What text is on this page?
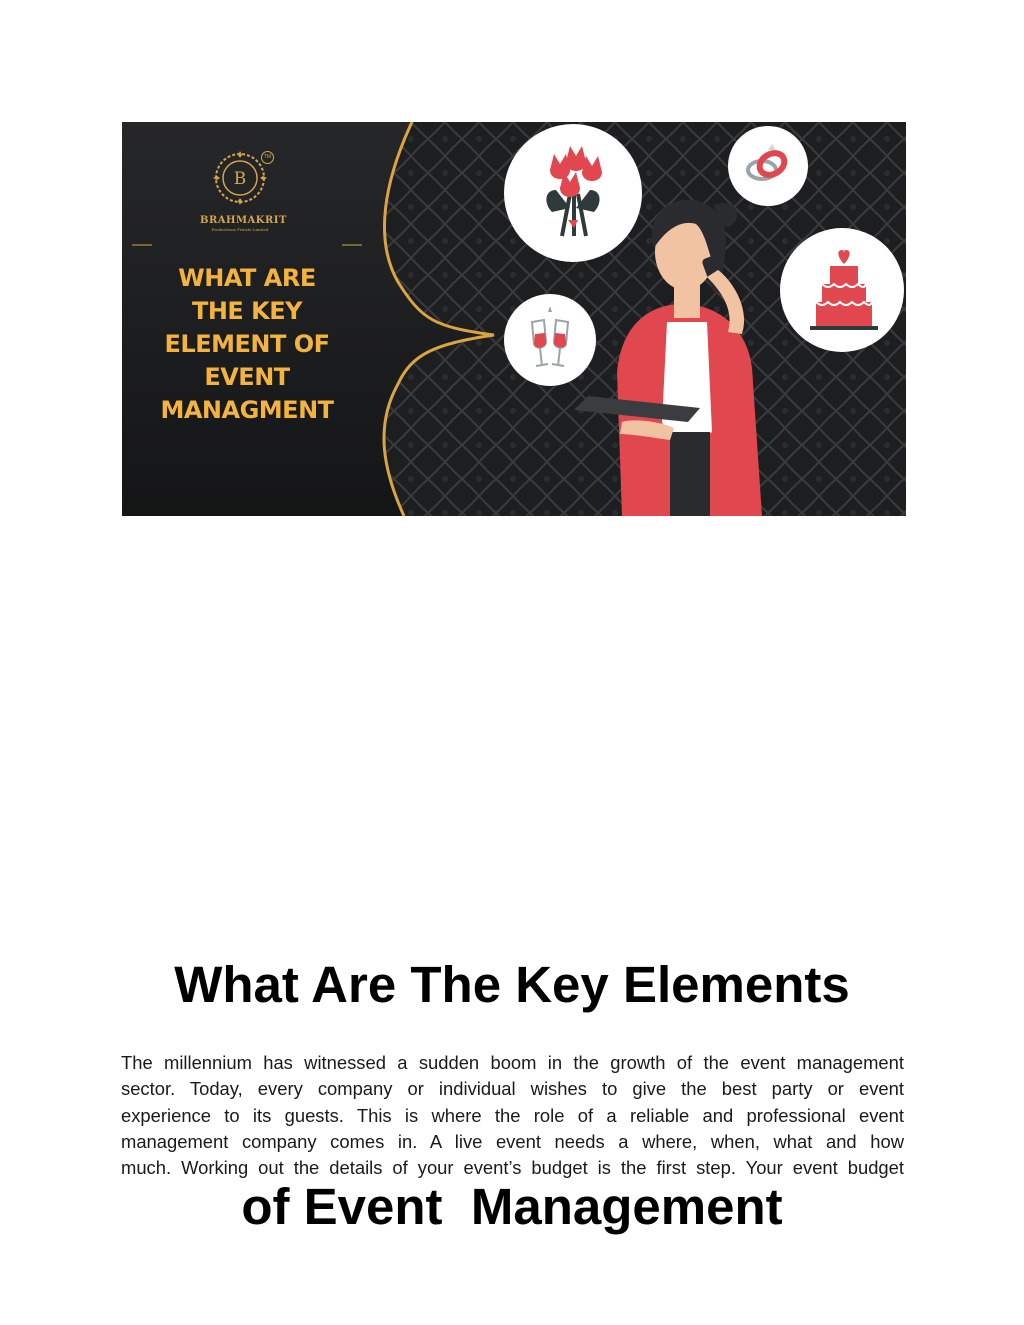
B
BRAHMAKRIT
Productions Private Limited
TM
WHAT ARE
THE KEY
ELEMENT OF
EVENT
MANAGMENT

What Are The Key Elements

of Event  Management

The millennium has witnessed a sudden boom in the growth of the event management
sector. Today, every company or individual wishes to give the best party or event
experience to its guests. This is where the role of a reliable and professional event
management company comes in. A live event needs a where, when, what and how
much. Working out the details of your event’s budget is the first step. Your event budget
